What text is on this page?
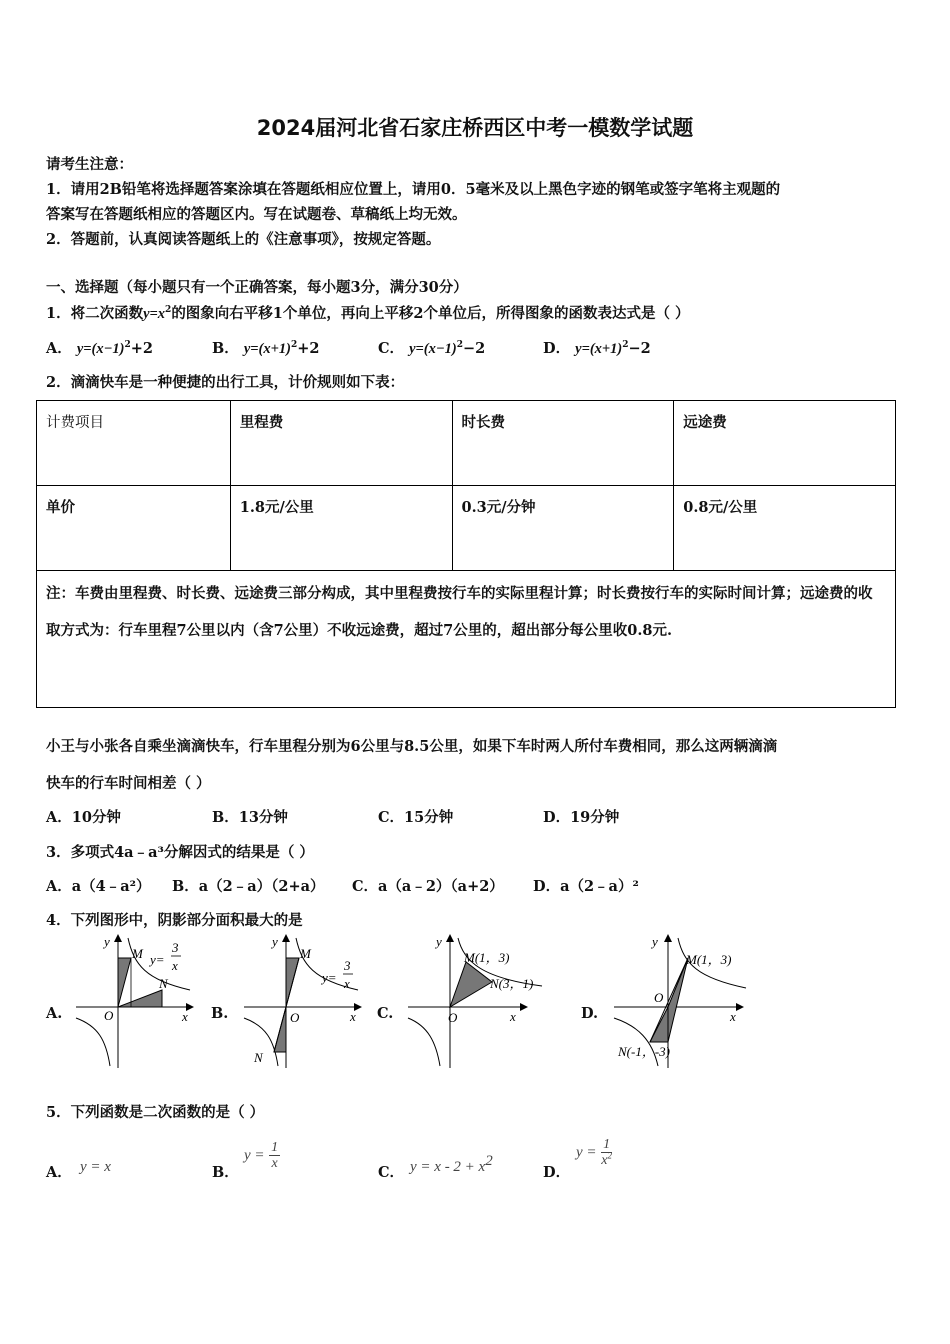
2024届河北省石家庄桥西区中考一模数学试题
请考生注意：
1．请用2B铅笔将选择题答案涂填在答题纸相应位置上，请用0．5毫米及以上黑色字迹的钢笔或签字笔将主观题的
答案写在答题纸相应的答题区内。写在试题卷、草稿纸上均无效。
2．答题前，认真阅读答题纸上的《注意事项》，按规定答题。
一、选择题（每小题只有一个正确答案，每小题3分，满分30分）
1．将二次函数$y=x^2$的图象向右平移1个单位，再向上平移2个单位后，所得图象的函数表达式是（ ）
A． $y=(x-1)^2+2$	B． $y=(x+1)^2+2$	C． $y=(x-1)^2-2$	D． $y=(x+1)^2-2$
2．滴滴快车是一种便捷的出行工具，计价规则如下表：
计费项目	里程费	时长费	远途费
单价	1.8元/公里	0.3元/分钟	0.8元/公里
注：车费由里程费、时长费、远途费三部分构成，其中里程费按行车的实际里程计算；时长费按行车的实际时间计算；远途费的收取方式为：行车里程7公里以内（含7公里）不收远途费，超过7公里的，超出部分每公里收0.8元.			
小王与小张各自乘坐滴滴快车，行车里程分别为6公里与8.5公里，如果下车时两人所付车费相同，那么这两辆滴滴
快车的行车时间相差（ ）
A．10分钟	B．13分钟	C．15分钟	D．19分钟
3．多项式4a﹣a³分解因式的结果是（ ）
A．a（4﹣a²） B．a（2﹣a）（2+a） C．a（a﹣2）（a+2） D．a（2﹣a）²
4．下列图形中，阴影部分面积最大的是
A.	B.	C.	D.
y
M
N
O	x
y=
3
x
y
M
N
O	x
y=
3
x
y
M(1，3)
N(3，1)
O	x
y
M(1，3)
N(-1，-3)
O
x
5．下列函数是二次函数的是（ ）
A． y = x	B．
$y = \frac{1}{x}$
C． $y = x - 2 + x^2$
D．
$y = \frac{1}{x^2}$
